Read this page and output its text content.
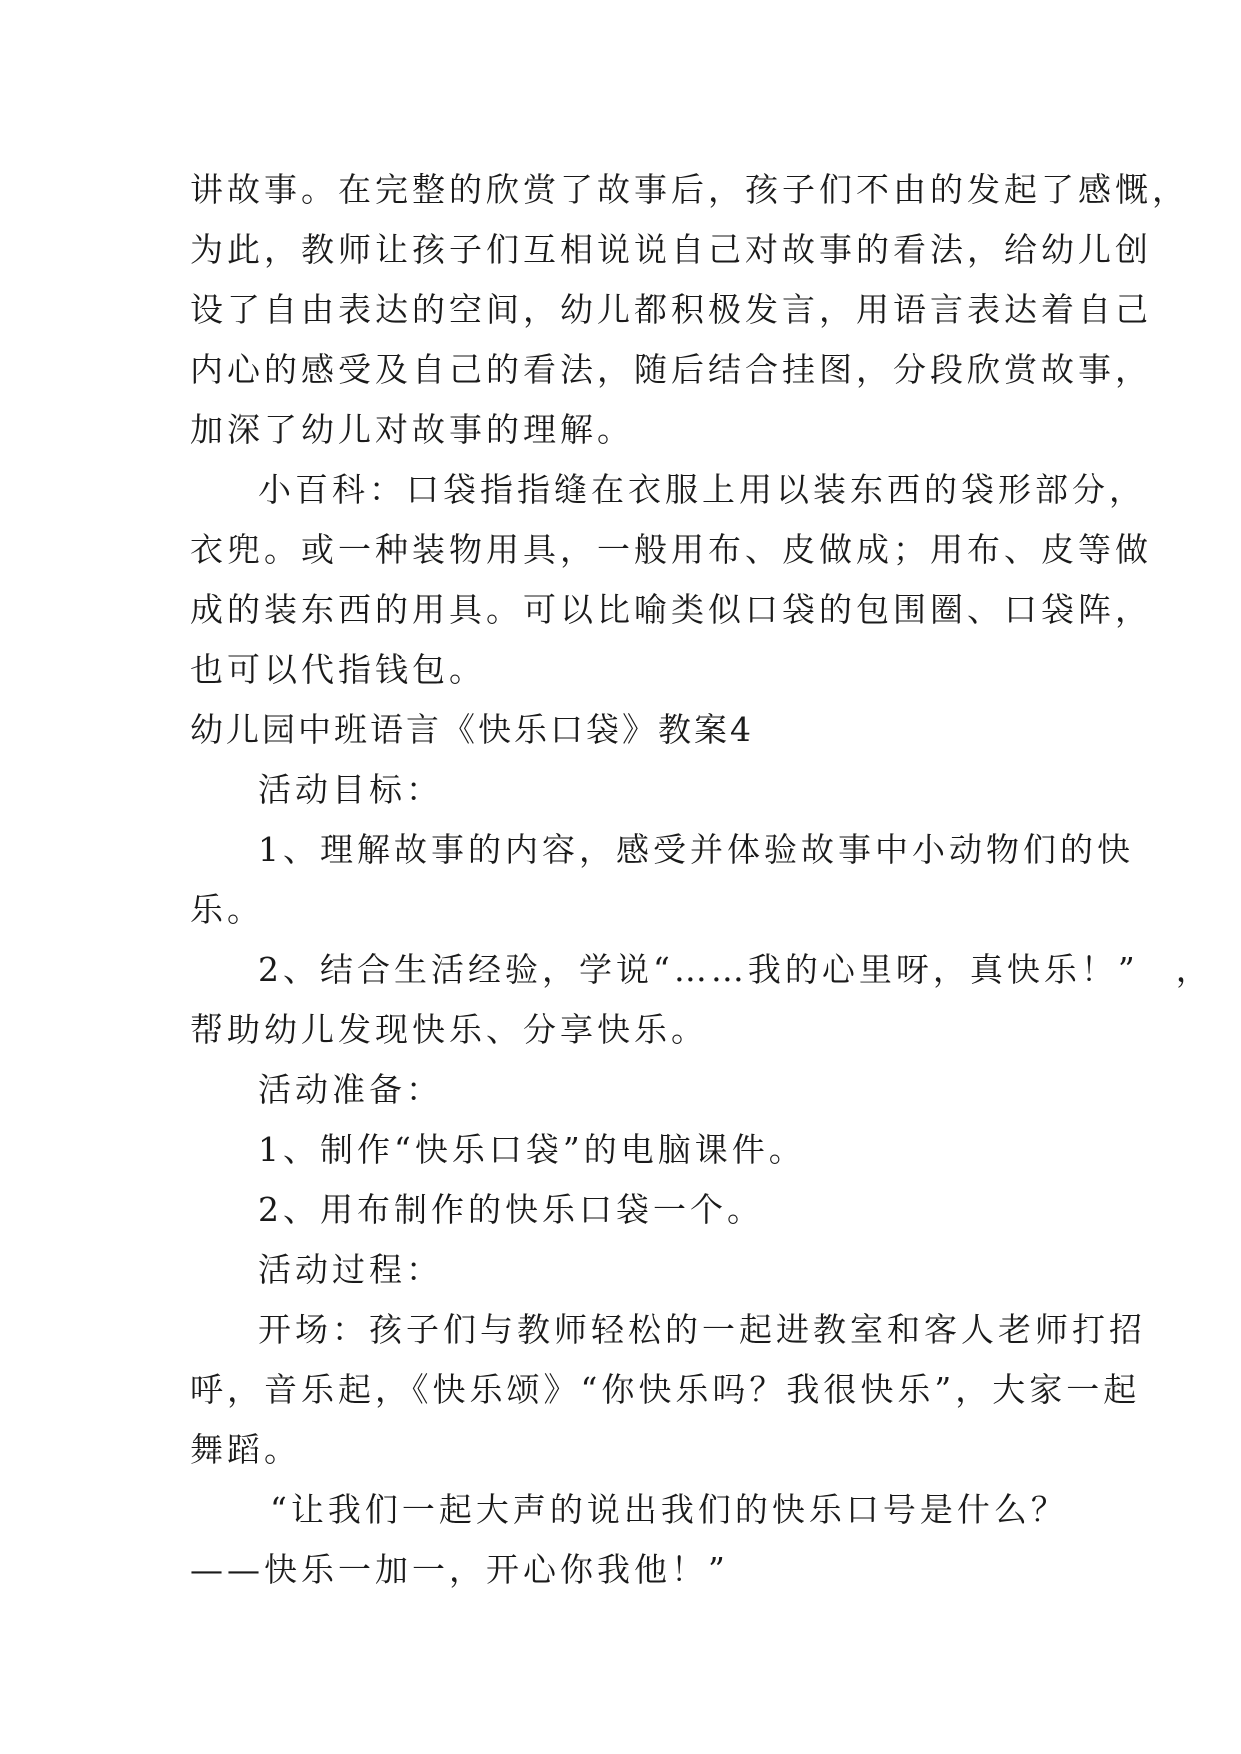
讲故事。在完整的欣赏了故事后，孩子们不由的发起了感慨，
为此，教师让孩子们互相说说自己对故事的看法，给幼儿创
设了自由表达的空间，幼儿都积极发言，用语言表达着自己
内心的感受及自己的看法，随后结合挂图，分段欣赏故事，
加深了幼儿对故事的理解。
小百科：口袋指指缝在衣服上用以装东西的袋形部分，
衣兜。或一种装物用具，一般用布、皮做成；用布、皮等做
成的装东西的用具。可以比喻类似口袋的包围圈、口袋阵，
也可以代指钱包。
幼儿园中班语言《快乐口袋》教案4
活动目标：
1、理解故事的内容，感受并体验故事中小动物们的快
乐。
2、结合生活经验，学说“……我的心里呀，真快乐！”　，
帮助幼儿发现快乐、分享快乐。
活动准备：
1、制作“快乐口袋”的电脑课件。
2、用布制作的快乐口袋一个。
活动过程：
开场：孩子们与教师轻松的一起进教室和客人老师打招
呼，音乐起，《快乐颂》“你快乐吗？我很快乐”，大家一起
舞蹈。
“让我们一起大声的说出我们的快乐口号是什么？
——快乐一加一，开心你我他！”
